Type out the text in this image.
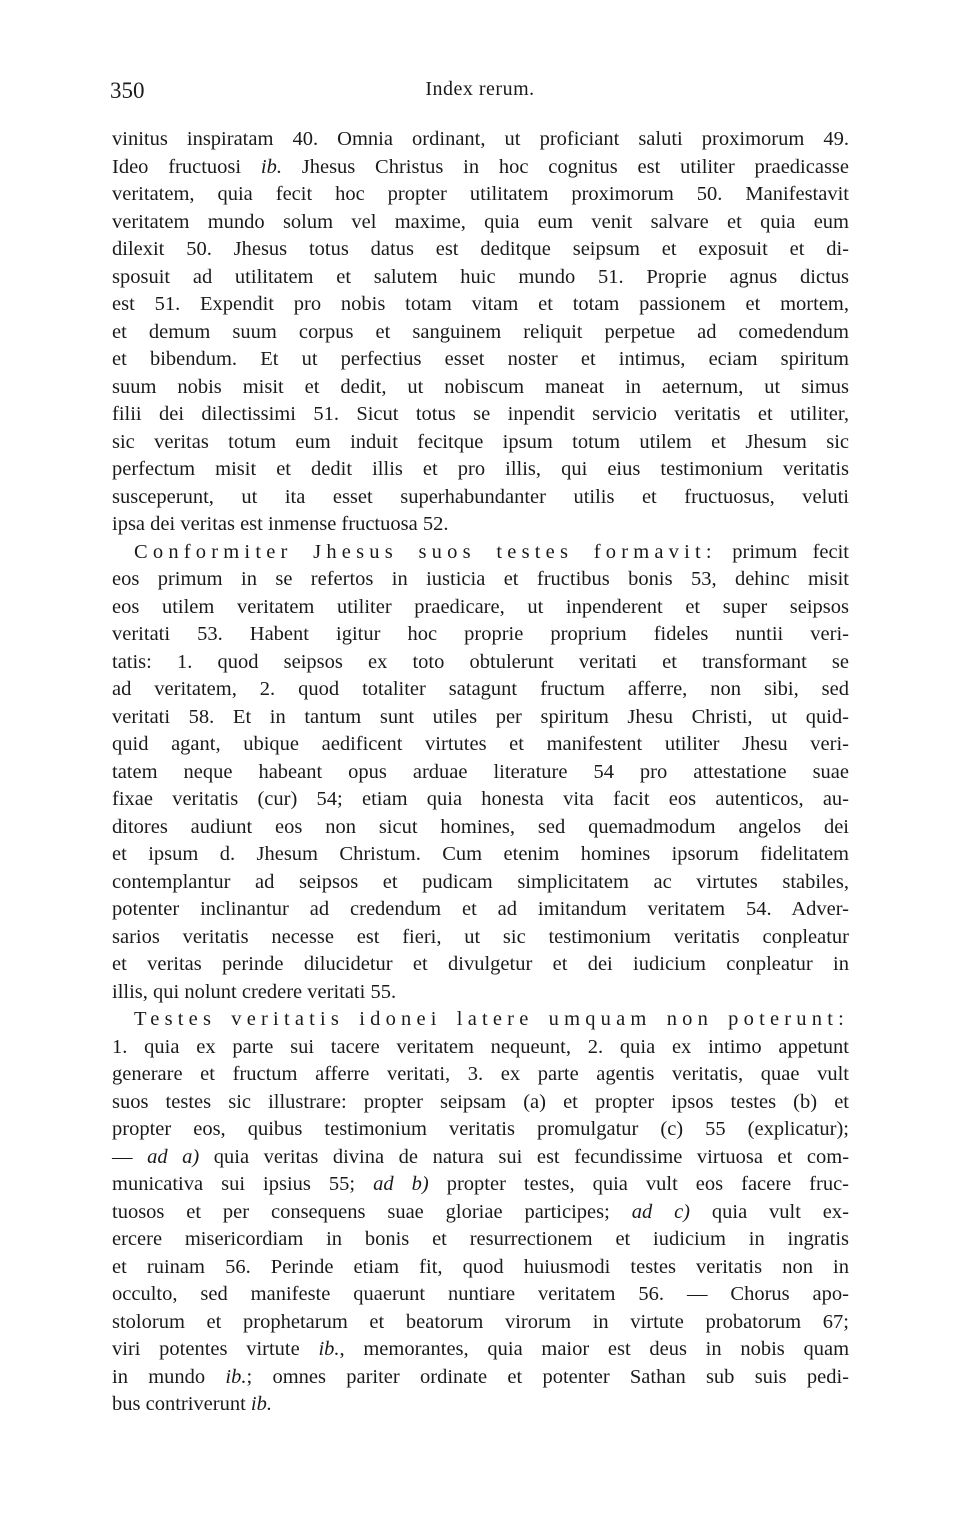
350	Index rerum.
vinitus inspiratam 40. Omnia ordinant, ut proficiant saluti proximorum 49.
Ideo fructuosi ib. Jhesus Christus in hoc cognitus est utiliter praedicasse
veritatem, quia fecit hoc propter utilitatem proximorum 50. Manifestavit
veritatem mundo solum vel maxime, quia eum venit salvare et quia eum
dilexit 50. Jhesus totus datus est deditque seipsum et exposuit et di-
sposuit ad utilitatem et salutem huic mundo 51. Proprie agnus dictus
est 51. Expendit pro nobis totam vitam et totam passionem et mortem,
et demum suum corpus et sanguinem reliquit perpetue ad comedendum
et bibendum. Et ut perfectius esset noster et intimus, eciam spiritum
suum nobis misit et dedit, ut nobiscum maneat in aeternum, ut simus
filii dei dilectissimi 51. Sicut totus se inpendit servicio veritatis et utiliter,
sic veritas totum eum induit fecitque ipsum totum utilem et Jhesum sic
perfectum misit et dedit illis et pro illis, qui eius testimonium veritatis
susceperunt, ut ita esset superhabundanter utilis et fructuosus, veluti
ipsa dei veritas est inmense fructuosa 52.
Conformiter Jhesus suos testes formavit: primum fecit
eos primum in se refertos in iusticia et fructibus bonis 53, dehinc misit
eos utilem veritatem utiliter praedicare, ut inpenderent et super seipsos
veritati 53. Habent igitur hoc proprie proprium fideles nuntii veri-
tatis: 1. quod seipsos ex toto obtulerunt veritati et transformant se
ad veritatem, 2. quod totaliter satagunt fructum afferre, non sibi, sed
veritati 58. Et in tantum sunt utiles per spiritum Jhesu Christi, ut quid-
quid agant, ubique aedificent virtutes et manifestent utiliter Jhesu veri-
tatem neque habeant opus arduae literature 54 pro attestatione suae
fixae veritatis (cur) 54; etiam quia honesta vita facit eos autenticos, au-
ditores audiunt eos non sicut homines, sed quemadmodum angelos dei
et ipsum d. Jhesum Christum. Cum etenim homines ipsorum fidelitatem
contemplantur ad seipsos et pudicam simplicitatem ac virtutes stabiles,
potenter inclinantur ad credendum et ad imitandum veritatem 54. Adver-
sarios veritatis necesse est fieri, ut sic testimonium veritatis conpleatur
et veritas perinde dilucidetur et divulgetur et dei iudicium conpleatur in
illis, qui nolunt credere veritati 55.
Testes veritatis idonei latere umquam non poterunt:
1. quia ex parte sui tacere veritatem nequeunt, 2. quia ex intimo appetunt
generare et fructum afferre veritati, 3. ex parte agentis veritatis, quae vult
suos testes sic illustrare: propter seipsam (a) et propter ipsos testes (b) et
propter eos, quibus testimonium veritatis promulgatur (c) 55 (explicatur);
— ad a) quia veritas divina de natura sui est fecundissime virtuosa et com-
municativa sui ipsius 55; ad b) propter testes, quia vult eos facere fruc-
tuosos et per consequens suae gloriae participes; ad c) quia vult ex-
ercere misericordiam in bonis et resurrectionem et iudicium in ingratis
et ruinam 56. Perinde etiam fit, quod huiusmodi testes veritatis non in
occulto, sed manifeste quaerunt nuntiare veritatem 56. — Chorus apo-
stolorum et prophetarum et beatorum virorum in virtute probatorum 67;
viri potentes virtute ib., memorantes, quia maior est deus in nobis quam
in mundo ib.; omnes pariter ordinate et potenter Sathan sub suis pedi-
bus contriverunt ib.
